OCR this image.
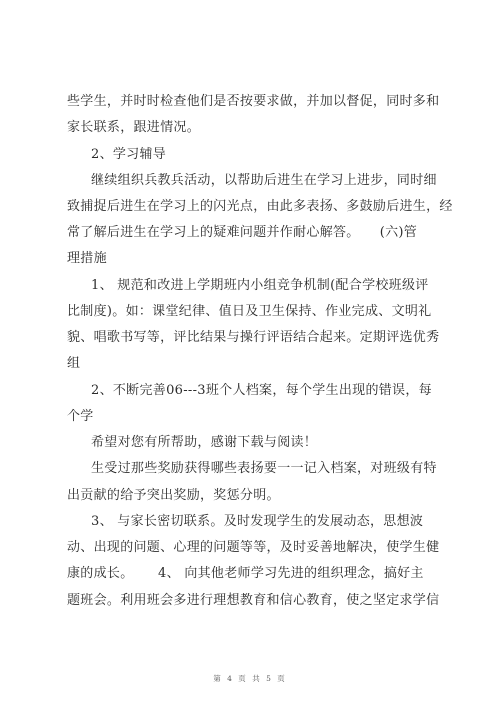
些学生，并时时检查他们是否按要求做，并加以督促，同时多和
家长联系，跟进情况。
2、学习辅导
继续组织兵教兵活动，以帮助后进生在学习上进步，同时细
致捕捉后进生在学习上的闪光点，由此多表扬、多鼓励后进生，经
常了解后进生在学习上的疑难问题并作耐心解答。　　(六)管
理措施
1、 规范和改进上学期班内小组竞争机制(配合学校班级评
比制度)。如：课堂纪律、值日及卫生保持、作业完成、文明礼
貌、唱歌书写等，评比结果与操行评语结合起来。定期评选优秀
组
2、不断完善06---3班个人档案，每个学生出现的错误，每
个学
希望对您有所帮助，感谢下载与阅读！
生受过那些奖励获得哪些表扬要一一记入档案，对班级有特
出贡献的给予突出奖励，奖惩分明。
3、 与家长密切联系。及时发现学生的发展动态，思想波
动、出现的问题、心理的问题等等，及时妥善地解决，使学生健
康的成长。　　 4、 向其他老师学习先进的组织理念，搞好主
题班会。利用班会多进行理想教育和信心教育，使之坚定求学信
第 4 页 共 5 页
